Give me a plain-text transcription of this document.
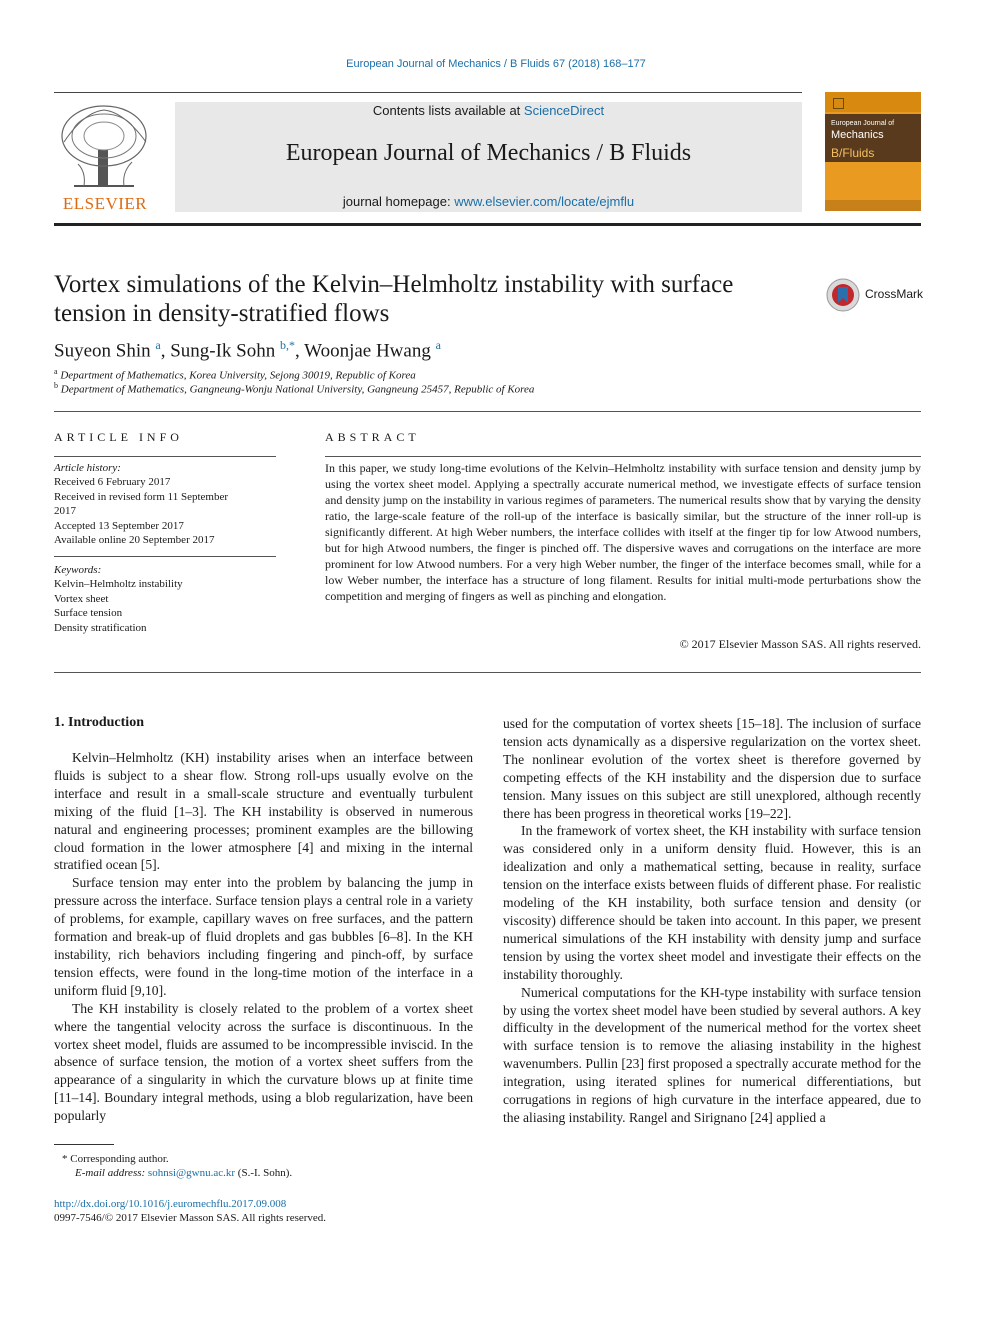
European Journal of Mechanics / B Fluids 67 (2018) 168–177
ELSEVIER
Contents lists available at ScienceDirect
European Journal of Mechanics / B Fluids
journal homepage: www.elsevier.com/locate/ejmflu
European Journal of
Mechanics
B/Fluids
Vortex simulations of the Kelvin–Helmholtz instability with surface
tension in density-stratified flows
CrossMark
Suyeon Shin $^a$, Sung-Ik Sohn $^{b,*}$, Woonjae Hwang $^a$
$^a$ Department of Mathematics, Korea University, Sejong 30019, Republic of Korea
$^b$ Department of Mathematics, Gangneung-Wonju National University, Gangneung 25457, Republic of Korea
ARTICLE INFO
Article history:
Received 6 February 2017
Received in revised form 11 September
2017
Accepted 13 September 2017
Available online 20 September 2017
Keywords:
Kelvin–Helmholtz instability
Vortex sheet
Surface tension
Density stratification
ABSTRACT
In this paper, we study long-time evolutions of the Kelvin–Helmholtz instability with surface tension and density jump by using the vortex sheet model. Applying a spectrally accurate numerical method, we investigate effects of surface tension and density jump on the instability in various regimes of parameters. The numerical results show that by varying the density ratio, the large-scale feature of the roll-up of the interface is basically similar, but the structure of the inner roll-up is significantly different. At high Weber numbers, the interface collides with itself at the finger tip for low Atwood numbers, but for high Atwood numbers, the finger is pinched off. The dispersive waves and corrugations on the interface are more prominent for low Atwood numbers. For a very high Weber number, the finger of the interface becomes small, while for a low Weber number, the interface has a structure of long filament. Results for initial multi-mode perturbations show the competition and merging of fingers as well as pinching and elongation.
© 2017 Elsevier Masson SAS. All rights reserved.
1. Introduction

Kelvin–Helmholtz (KH) instability arises when an interface between fluids is subject to a shear flow. Strong roll-ups usually evolve on the interface and result in a small-scale structure and eventually turbulent mixing of the fluid [1–3]. The KH instability is observed in numerous natural and engineering processes; prominent examples are the billowing cloud formation in the lower atmosphere [4] and mixing in the internal stratified ocean [5].

Surface tension may enter into the problem by balancing the jump in pressure across the interface. Surface tension plays a central role in a variety of problems, for example, capillary waves on free surfaces, and the pattern formation and break-up of fluid droplets and gas bubbles [6–8]. In the KH instability, rich behaviors including fingering and pinch-off, by surface tension effects, were found in the long-time motion of the interface in a uniform fluid [9,10].

The KH instability is closely related to the problem of a vortex sheet where the tangential velocity across the surface is discontinuous. In the vortex sheet model, fluids are assumed to be incompressible inviscid. In the absence of surface tension, the motion of a vortex sheet suffers from the appearance of a singularity in which the curvature blows up at finite time [11–14]. Boundary integral methods, using a blob regularization, have been popularly

used for the computation of vortex sheets [15–18]. The inclusion of surface tension acts dynamically as a dispersive regularization on the vortex sheet. The nonlinear evolution of the vortex sheet is therefore governed by competing effects of the KH instability and the dispersion due to surface tension. Many issues on this subject are still unexplored, although recently there has been progress in theoretical works [19–22].

In the framework of vortex sheet, the KH instability with surface tension was considered only in a uniform density fluid. However, this is an idealization and only a mathematical setting, because in reality, surface tension on the interface exists between fluids of different phase. For realistic modeling of the KH instability, both surface tension and density (or viscosity) difference should be taken into account. In this paper, we present numerical simulations of the KH instability with density jump and surface tension by using the vortex sheet model and investigate their effects on the instability thoroughly.

Numerical computations for the KH-type instability with surface tension by using the vortex sheet model have been studied by several authors. A key difficulty in the development of the numerical method for the vortex sheet with surface tension is to remove the aliasing instability in the highest wavenumbers. Pullin [23] first proposed a spectrally accurate method for the integration, using iterated splines for numerical differentiations, but corrugations in regions of high curvature in the interface appeared, due to the aliasing instability. Rangel and Sirignano [24] applied a

* Corresponding author.
E-mail address: sohnsi@gwnu.ac.kr (S.-I. Sohn).
http://dx.doi.org/10.1016/j.euromechflu.2017.09.008
0997-7546/© 2017 Elsevier Masson SAS. All rights reserved.
